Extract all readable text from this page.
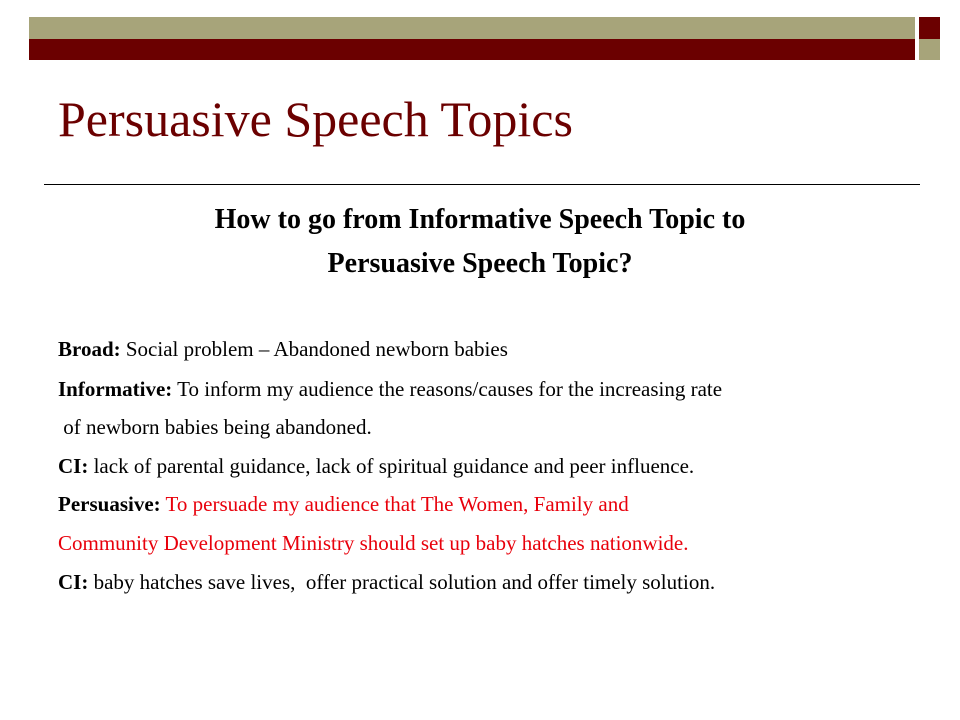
Persuasive Speech Topics
How to go from Informative Speech Topic to
Persuasive Speech Topic?
Broad: Social problem – Abandoned newborn babies
Informative: To inform my audience the reasons/causes for the increasing rate
of newborn babies being abandoned.
CI: lack of parental guidance, lack of spiritual guidance and peer influence.
Persuasive: To persuade my audience that The Women, Family and
Community Development Ministry should set up baby hatches nationwide.
CI: baby hatches save lives,  offer practical solution and offer timely solution.
